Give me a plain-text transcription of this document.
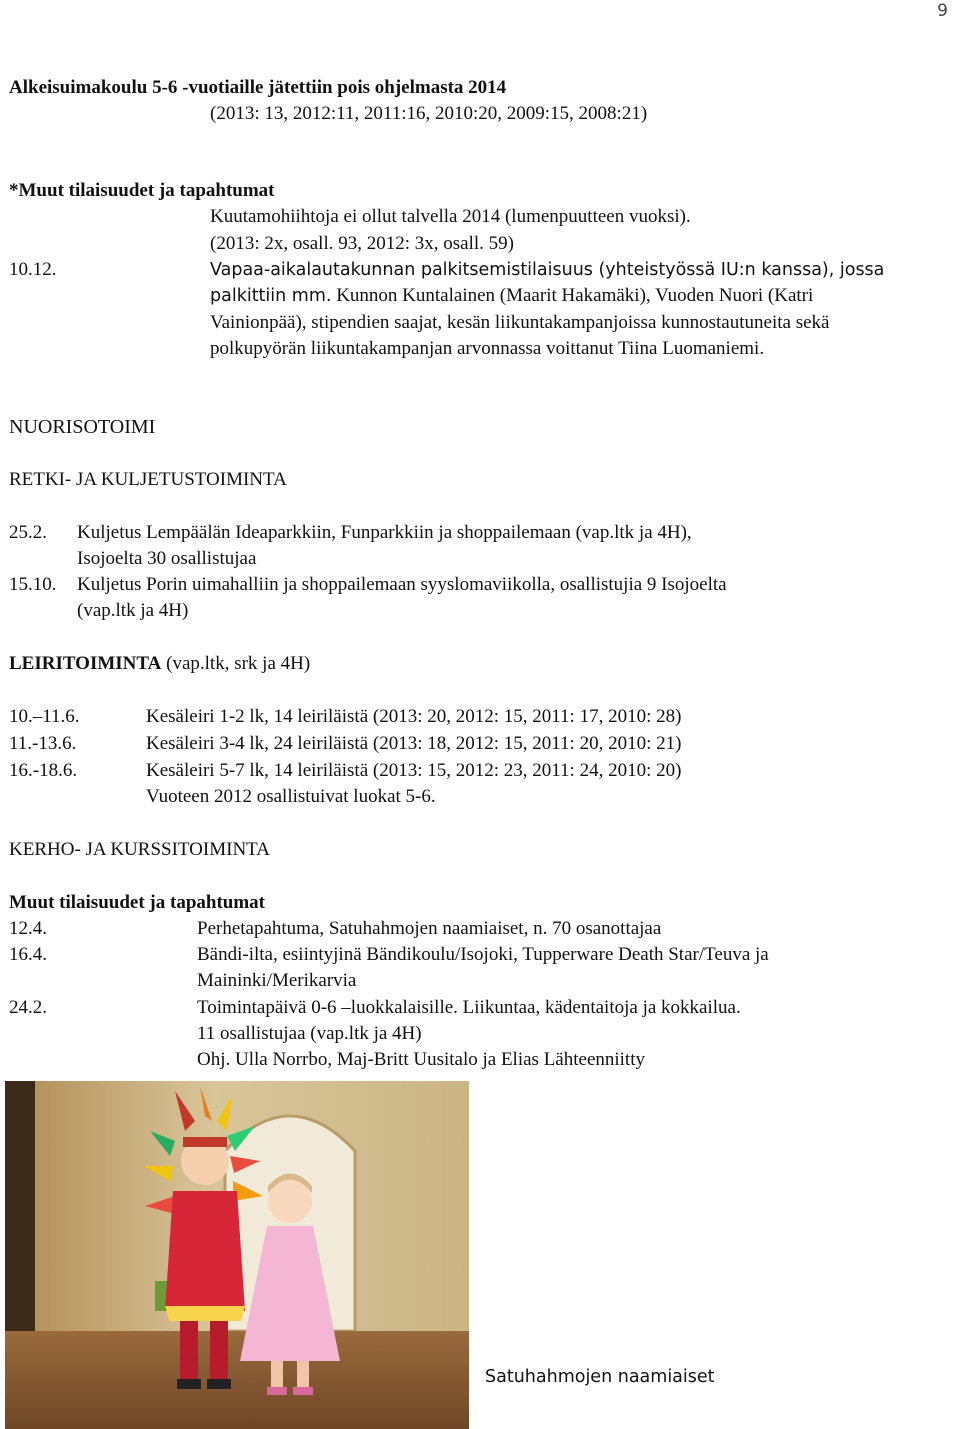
9
Alkeisuimakoulu 5-6 -vuotiaille jätettiin pois ohjelmasta 2014
(2013: 13, 2012:11, 2011:16, 2010:20, 2009:15, 2008:21)
*Muut tilaisuudet ja tapahtumat
Kuutamohiihtoja ei ollut talvella 2014 (lumenpuutteen vuoksi).
(2013: 2x, osall. 93, 2012: 3x, osall. 59)
10.12.	Vapaa-aikalautakunnan palkitsemistilaisuus (yhteistyössä IU:n kanssa), jossa
palkittiin mm. Kunnon Kuntalainen (Maarit Hakamäki), Vuoden Nuori (Katri
Vainionpää), stipendien saajat, kesän liikuntakampanjoissa kunnostautuneita sekä
polkupyörän liikuntakampanjan arvonnassa voittanut Tiina Luomaniemi.
NUORISOTOIMI
RETKI- JA KULJETUSTOIMINTA
25.2. Kuljetus Lempäälän Ideaparkkiin, Funparkkiin ja shoppailemaan (vap.ltk ja 4H),
Isojoelta 30 osallistujaa
15.10. Kuljetus Porin uimahalliin ja shoppailemaan syyslomaviikolla, osallistujia 9 Isojoelta
(vap.ltk ja 4H)
LEIRITOIMINTA (vap.ltk, srk ja 4H)
10.–11.6.	Kesäleiri 1-2 lk, 14 leiriläistä (2013: 20, 2012: 15, 2011: 17, 2010: 28)
11.-13.6.	Kesäleiri 3-4 lk, 24 leiriläistä (2013: 18, 2012: 15, 2011: 20, 2010: 21)
16.-18.6.	Kesäleiri 5-7 lk, 14 leiriläistä (2013: 15, 2012: 23, 2011: 24, 2010: 20)
Vuoteen 2012 osallistuivat luokat 5-6.
KERHO- JA KURSSITOIMINTA
Muut tilaisuudet ja tapahtumat
12.4.	Perhetapahtuma, Satuhahmojen naamiaiset, n. 70 osanottajaa
16.4.	Bändi-ilta, esiintyjinä Bändikoulu/Isojoki, Tupperware Death Star/Teuva ja
Maininki/Merikarvia
24.2.	Toimintapäivä 0-6 –luokkalaisille. Liikuntaa, kädentaitoja ja kokkailua.
11 osallistujaa (vap.ltk ja 4H)
Ohj. Ulla Norrbo, Maj-Britt Uusitalo ja Elias Lähteenniitty
Satuhahmojen naamiaiset
